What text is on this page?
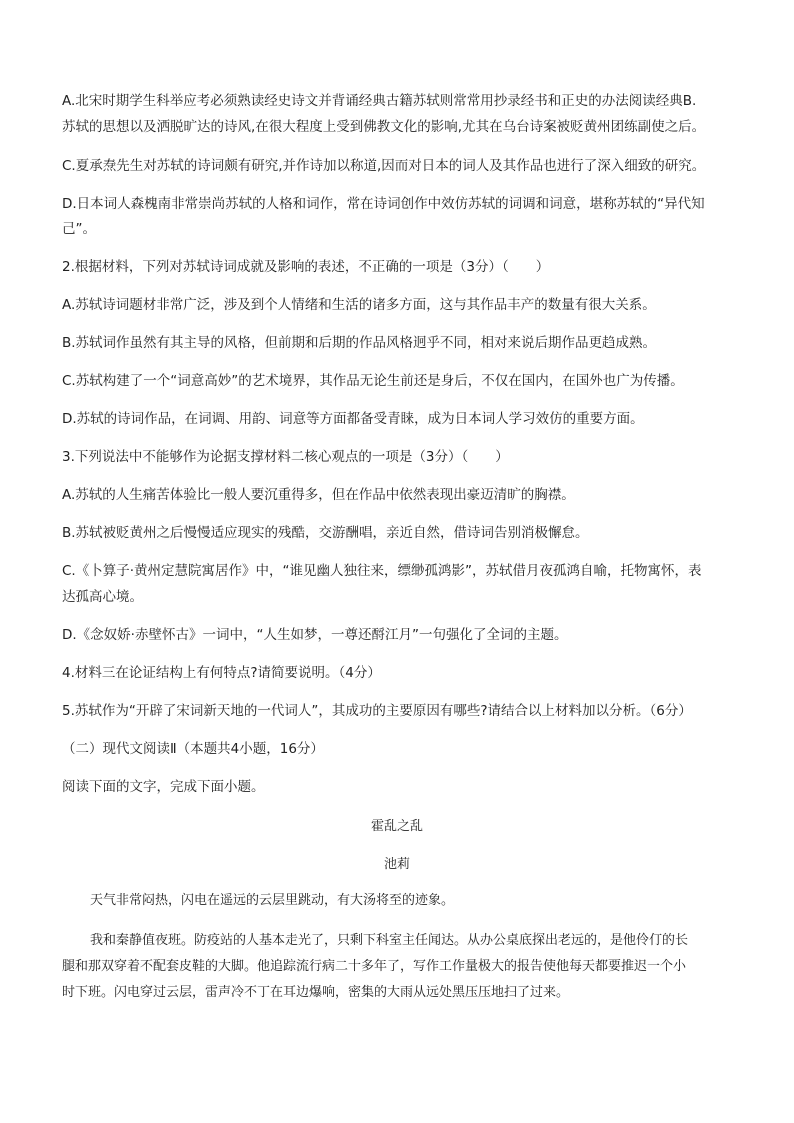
A.北宋时期学生科举应考必须熟读经史诗文并背诵经典古籍苏轼则常常用抄录经书和正史的办法阅读经典B.
苏轼的思想以及洒脱旷达的诗风,在很大程度上受到佛教文化的影响,尤其在乌台诗案被贬黄州团练副使之后。
C.夏承焘先生对苏轼的诗词颇有研究,并作诗加以称道,因而对日本的词人及其作品也进行了深入细致的研究。
D.日本词人森槐南非常崇尚苏轼的人格和词作，常在诗词创作中效仿苏轼的词调和词意，堪称苏轼的“异代知
己”。
2.根据材料，下列对苏轼诗词成就及影响的表述，不正确的一项是（3分）（　　）
A.苏轼诗词题材非常广泛，涉及到个人情绪和生活的诸多方面，这与其作品丰产的数量有很大关系。
B.苏轼词作虽然有其主导的风格，但前期和后期的作品风格迥乎不同，相对来说后期作品更趋成熟。
C.苏轼构建了一个“词意高妙”的艺术境界，其作品无论生前还是身后，不仅在国内，在国外也广为传播。
D.苏轼的诗词作品，在词调、用韵、词意等方面都备受青睐，成为日本词人学习效仿的重要方面。
3.下列说法中不能够作为论据支撑材料二核心观点的一项是（3分）（　　）
A.苏轼的人生痛苦体验比一般人要沉重得多，但在作品中依然表现出豪迈清旷的胸襟。
B.苏轼被贬黄州之后慢慢适应现实的残酷，交游酬唱，亲近自然，借诗词告别消极懈怠。
C.《卜算子·黄州定慧院寓居作》中，“谁见幽人独往来，缥缈孤鸿影”，苏轼借月夜孤鸿自喻，托物寓怀，表
达孤高心境。
D.《念奴娇·赤壁怀古》一词中，“人生如梦，一尊还酹江月”一句强化了全词的主题。
4.材料三在论证结构上有何特点?请简要说明。（4分）
5.苏轼作为“开辟了宋词新天地的一代词人”，其成功的主要原因有哪些?请结合以上材料加以分析。（6分）
（二）现代文阅读Ⅱ（本题共4小题，16分）
阅读下面的文字，完成下面小题。
霍乱之乱
池莉
天气非常闷热，闪电在遥远的云层里跳动，有大汤将至的迹象。
我和秦静值夜班。防疫站的人基本走光了，只剩下科室主任闻达。从办公桌底探出老远的，是他伶仃的长
腿和那双穿着不配套皮鞋的大脚。他追踪流行病二十多年了，写作工作量极大的报告使他每天都要推迟一个小
时下班。闪电穿过云层，雷声冷不丁在耳边爆响，密集的大雨从远处黑压压地扫了过来。
